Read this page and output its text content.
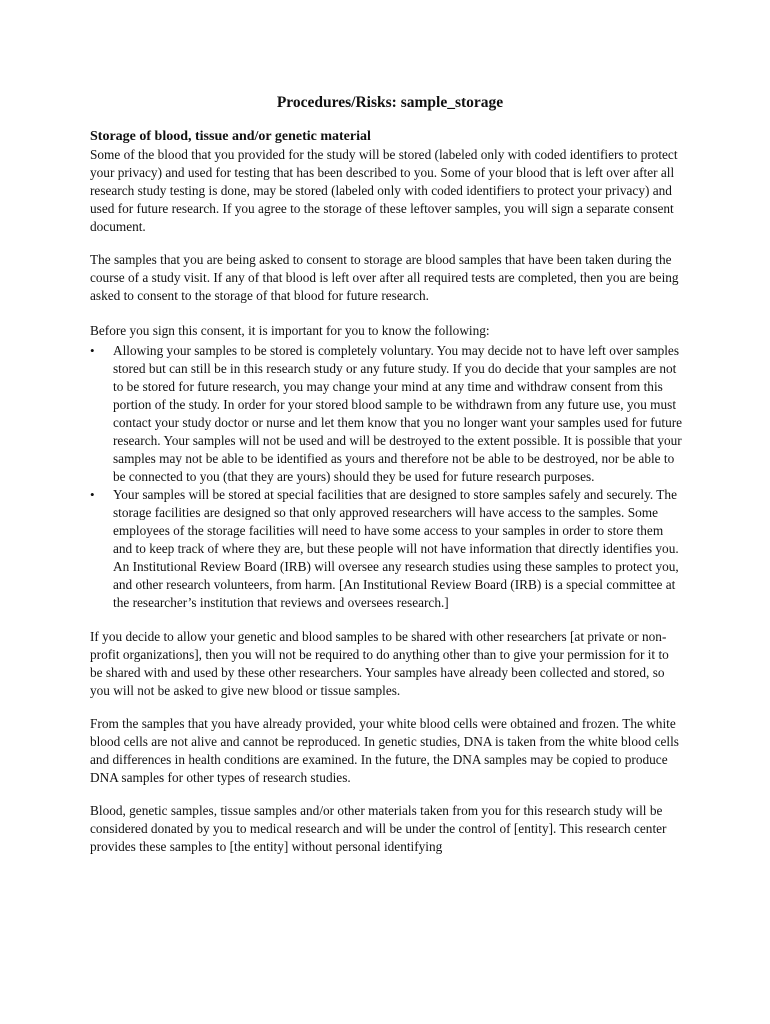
Procedures/Risks: sample_storage
Storage of blood, tissue and/or genetic material

Some of the blood that you provided for the study will be stored (labeled only with coded identifiers to protect your privacy) and used for testing that has been described to you. Some of your blood that is left over after all research study testing is done, may be stored (labeled only with coded identifiers to protect your privacy) and used for future research. If you agree to the storage of these leftover samples, you will sign a separate consent document.

The samples that you are being asked to consent to storage are blood samples that have been taken during the course of a study visit. If any of that blood is left over after all required tests are completed, then you are being asked to consent to the storage of that blood for future research.

Before you sign this consent, it is important for you to know the following:

•	Allowing your samples to be stored is completely voluntary. You may decide not to have left over samples stored but can still be in this research study or any future study. If you do decide that your samples are not to be stored for future research, you may change your mind at any time and withdraw consent from this portion of the study. In order for your stored blood sample to be withdrawn from any future use, you must contact your study doctor or nurse and let them know that you no longer want your samples used for future research. Your samples will not be used and will be destroyed to the extent possible. It is possible that your samples may not be able to be identified as yours and therefore not be able to be destroyed, nor be able to be connected to you (that they are yours) should they be used for future research purposes.
•	Your samples will be stored at special facilities that are designed to store samples safely and securely. The storage facilities are designed so that only approved researchers will have access to the samples. Some employees of the storage facilities will need to have some access to your samples in order to store them and to keep track of where they are, but these people will not have information that directly identifies you. An Institutional Review Board (IRB) will oversee any research studies using these samples to protect you, and other research volunteers, from harm. [An Institutional Review Board (IRB) is a special committee at the researcher’s institution that reviews and oversees research.]

If you decide to allow your genetic and blood samples to be shared with other researchers [at private or non-profit organizations], then you will not be required to do anything other than to give your permission for it to be shared with and used by these other researchers. Your samples have already been collected and stored, so you will not be asked to give new blood or tissue samples.

From the samples that you have already provided, your white blood cells were obtained and frozen. The white blood cells are not alive and cannot be reproduced. In genetic studies, DNA is taken from the white blood cells and differences in health conditions are examined. In the future, the DNA samples may be copied to produce DNA samples for other types of research studies.

Blood, genetic samples, tissue samples and/or other materials taken from you for this research study will be considered donated by you to medical research and will be under the control of [entity]. This research center provides these samples to [the entity] without personal identifying
